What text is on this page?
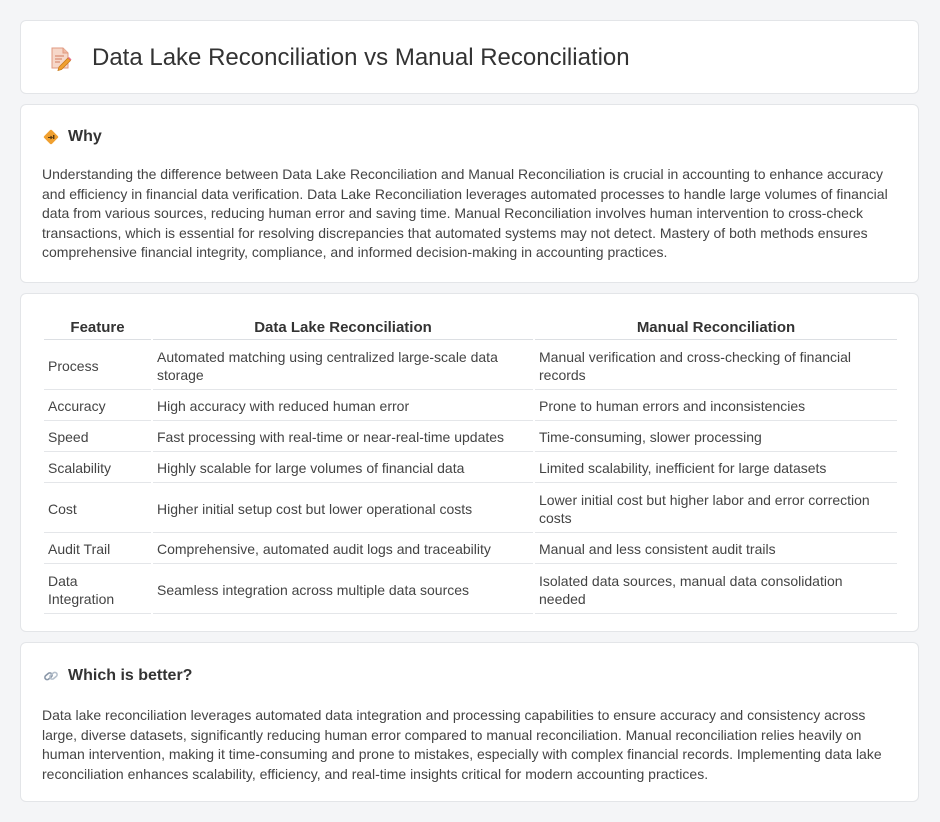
Data Lake Reconciliation vs Manual Reconciliation
Why

Understanding the difference between Data Lake Reconciliation and Manual Reconciliation is crucial in accounting to enhance accuracy and efficiency in financial data verification. Data Lake Reconciliation leverages automated processes to handle large volumes of financial data from various sources, reducing human error and saving time. Manual Reconciliation involves human intervention to cross-check transactions, which is essential for resolving discrepancies that automated systems may not detect. Mastery of both methods ensures comprehensive financial integrity, compliance, and informed decision-making in accounting practices.

Feature	Data Lake Reconciliation	Manual Reconciliation
Process	Automated matching using centralized large-scale data storage	Manual verification and cross-checking of financial records
Accuracy	High accuracy with reduced human error	Prone to human errors and inconsistencies
Speed	Fast processing with real-time or near-real-time updates	Time-consuming, slower processing
Scalability	Highly scalable for large volumes of financial data	Limited scalability, inefficient for large datasets
Cost	Higher initial setup cost but lower operational costs	Lower initial cost but higher labor and error correction costs
Audit Trail	Comprehensive, automated audit logs and traceability	Manual and less consistent audit trails
Data Integration	Seamless integration across multiple data sources	Isolated data sources, manual data consolidation needed
Which is better?

Data lake reconciliation leverages automated data integration and processing capabilities to ensure accuracy and consistency across large, diverse datasets, significantly reducing human error compared to manual reconciliation. Manual reconciliation relies heavily on human intervention, making it time-consuming and prone to mistakes, especially with complex financial records. Implementing data lake reconciliation enhances scalability, efficiency, and real-time insights critical for modern accounting practices.
